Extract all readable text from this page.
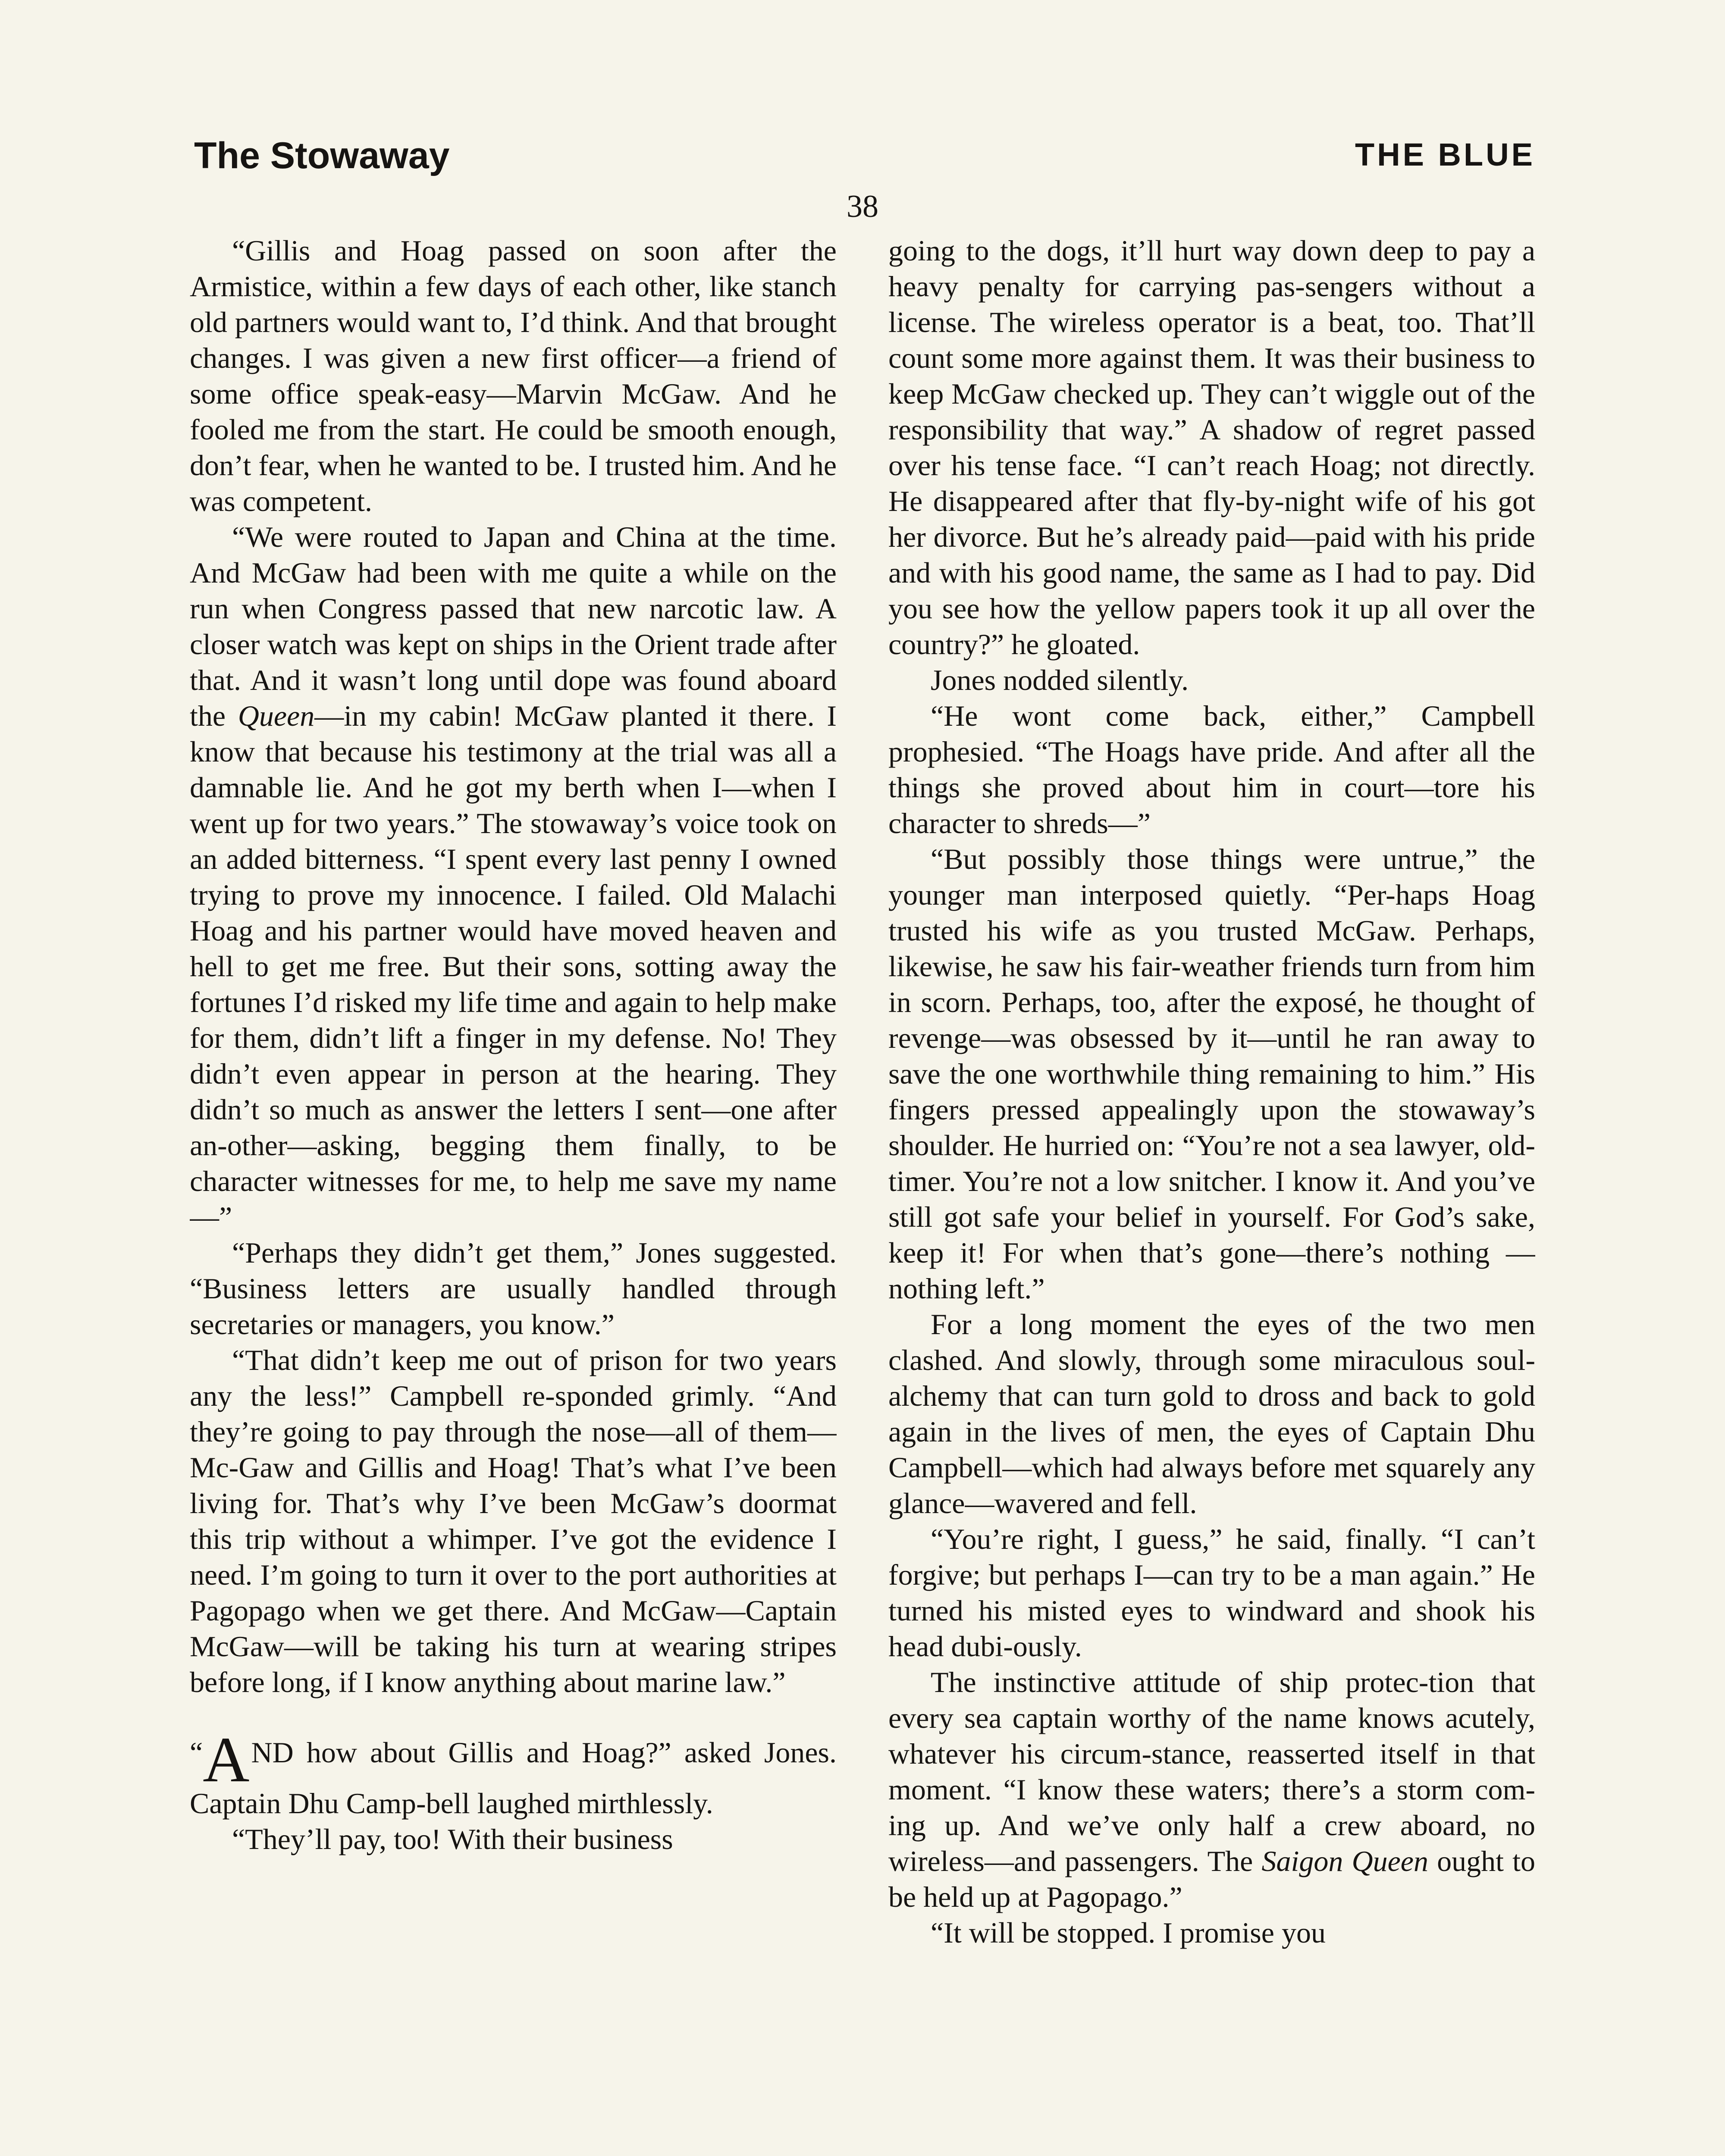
The Stowaway	THE BLUE
38

“Gillis and Hoag passed on soon after the Armistice, within a few days of each other, like stanch old partners would want to, I’d think. And that brought changes. I was given a new first officer—a friend of some office speak-easy—Marvin McGaw. And he fooled me from the start. He could be smooth enough, don’t fear, when he wanted to be. I trusted him. And he was competent.

“We were routed to Japan and China at the time. And McGaw had been with me quite a while on the run when Congress passed that new narcotic law. A closer watch was kept on ships in the Orient trade after that. And it wasn’t long until dope was found aboard the Queen—in my cabin! McGaw planted it there. I know that because his testimony at the trial was all a damnable lie. And he got my berth when I—when I went up for two years.” The stowaway’s voice took on an added bitterness. “I spent every last penny I owned trying to prove my innocence. I failed. Old Malachi Hoag and his partner would have moved heaven and hell to get me free. But their sons, sotting away the fortunes I’d risked my life time and again to help make for them, didn’t lift a finger in my defense. No! They didn’t even appear in person at the hearing. They didn’t so much as answer the letters I sent—one after an-other—asking, begging them finally, to be character witnesses for me, to help me save my name—”

“Perhaps they didn’t get them,” Jones suggested. “Business letters are usually handled through secretaries or managers, you know.”

“That didn’t keep me out of prison for two years any the less!” Campbell re-sponded grimly. “And they’re going to pay through the nose—all of them—Mc-Gaw and Gillis and Hoag! That’s what I’ve been living for. That’s why I’ve been McGaw’s doormat this trip without a whimper. I’ve got the evidence I need. I’m going to turn it over to the port authorities at Pagopago when we get there. And McGaw—Captain McGaw—will be taking his turn at wearing stripes before long, if I know anything about marine law.”

“AND how about Gillis and Hoag?” asked Jones. Captain Dhu Camp-bell laughed mirthlessly.

“They’ll pay, too! With their business

going to the dogs, it’ll hurt way down deep to pay a heavy penalty for carrying pas-sengers without a license. The wireless operator is a beat, too. That’ll count some more against them. It was their business to keep McGaw checked up. They can’t wiggle out of the responsibility that way.” A shadow of regret passed over his tense face. “I can’t reach Hoag; not directly. He disappeared after that fly-by-night wife of his got her divorce. But he’s already paid—paid with his pride and with his good name, the same as I had to pay. Did you see how the yellow papers took it up all over the country?” he gloated.

Jones nodded silently.

“He wont come back, either,” Campbell prophesied. “The Hoags have pride. And after all the things she proved about him in court—tore his character to shreds—”

“But possibly those things were untrue,” the younger man interposed quietly. “Per-haps Hoag trusted his wife as you trusted McGaw. Perhaps, likewise, he saw his fair-weather friends turn from him in scorn. Perhaps, too, after the exposé, he thought of revenge—was obsessed by it—until he ran away to save the one worthwhile thing remaining to him.” His fingers pressed appealingly upon the stowaway’s shoulder. He hurried on: “You’re not a sea lawyer, old-timer. You’re not a low snitcher. I know it. And you’ve still got safe your belief in yourself. For God’s sake, keep it! For when that’s gone—there’s nothing —nothing left.”

For a long moment the eyes of the two men clashed. And slowly, through some miraculous soul-alchemy that can turn gold to dross and back to gold again in the lives of men, the eyes of Captain Dhu Campbell—which had always before met squarely any glance—wavered and fell.

“You’re right, I guess,” he said, finally. “I can’t forgive; but perhaps I—can try to be a man again.” He turned his misted eyes to windward and shook his head dubi-ously.

The instinctive attitude of ship protec-tion that every sea captain worthy of the name knows acutely, whatever his circum-stance, reasserted itself in that moment. “I know these waters; there’s a storm com-ing up. And we’ve only half a crew aboard, no wireless—and passengers. The Saigon Queen ought to be held up at Pagopago.”

“It will be stopped. I promise you
